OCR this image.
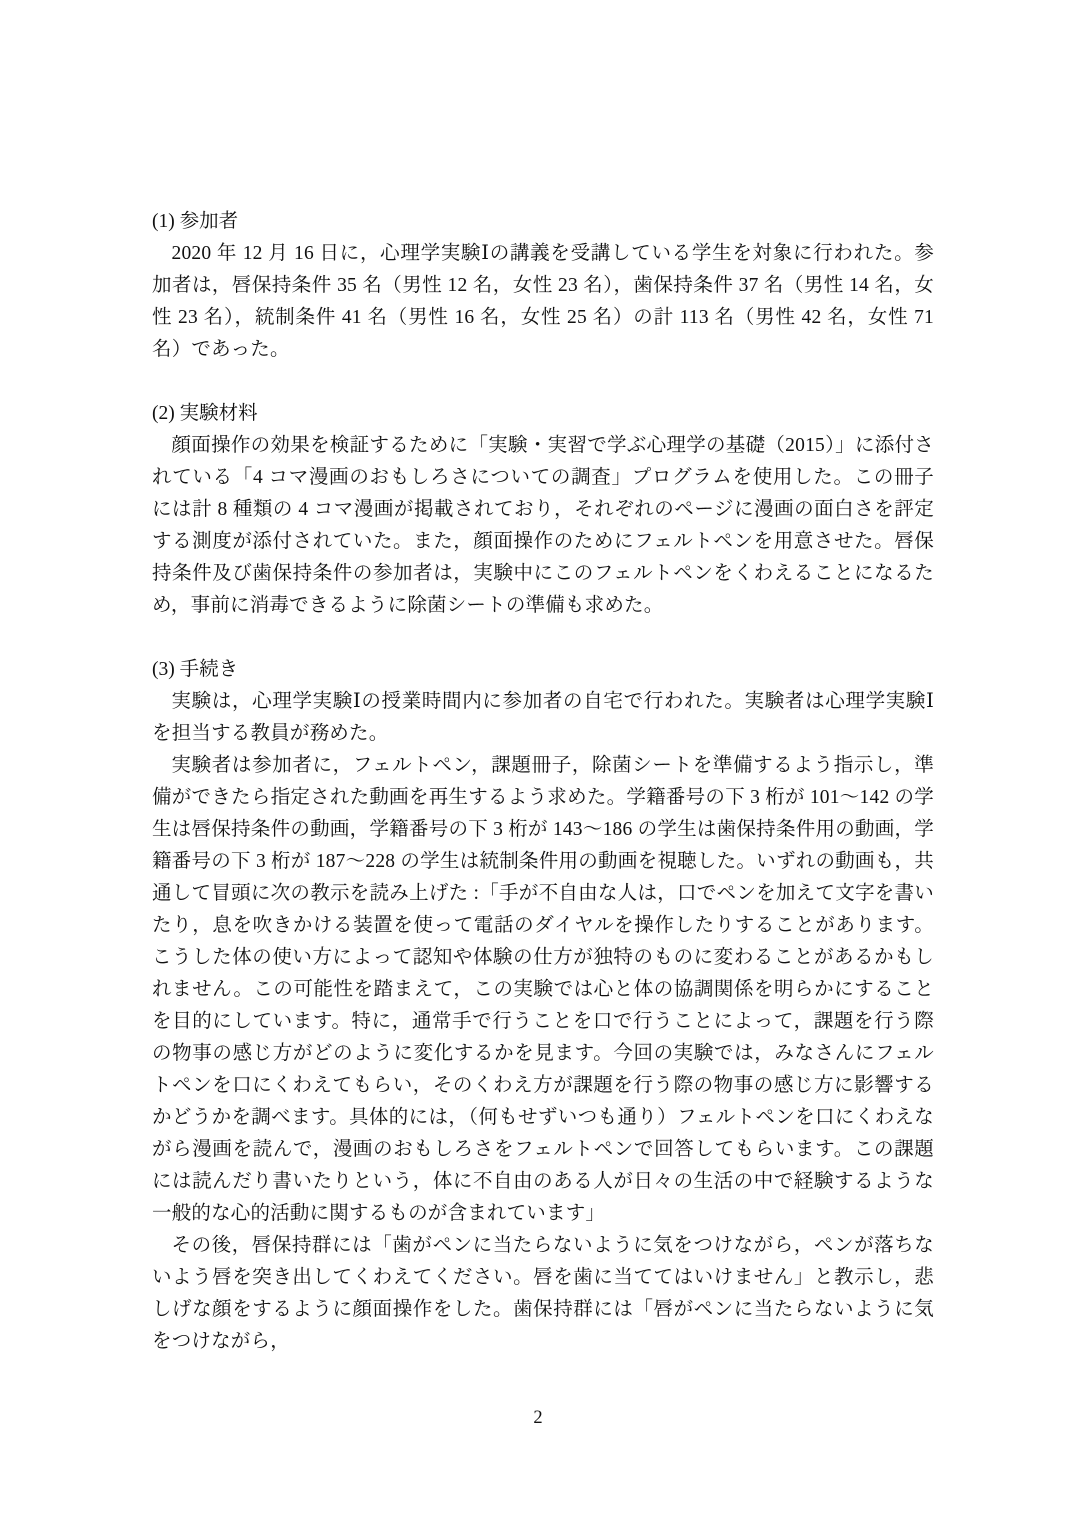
(1) 参加者

2020 年 12 月 16 日に，心理学実験Ⅰの講義を受講している学生を対象に行われた。参加者は，唇保持条件 35 名（男性 12 名，女性 23 名），歯保持条件 37 名（男性 14 名，女性 23 名），統制条件 41 名（男性 16 名，女性 25 名）の計 113 名（男性 42 名，女性 71 名）であった。

(2) 実験材料

顔面操作の効果を検証するために「実験・実習で学ぶ心理学の基礎（2015）」に添付されている「4 コマ漫画のおもしろさについての調査」プログラムを使用した。この冊子には計 8 種類の 4 コマ漫画が掲載されており，それぞれのページに漫画の面白さを評定する測度が添付されていた。また，顔面操作のためにフェルトペンを用意させた。唇保持条件及び歯保持条件の参加者は，実験中にこのフェルトペンをくわえることになるため，事前に消毒できるように除菌シートの準備も求めた。

(3) 手続き

実験は，心理学実験Ⅰの授業時間内に参加者の自宅で行われた。実験者は心理学実験Ⅰを担当する教員が務めた。

実験者は参加者に，フェルトペン，課題冊子，除菌シートを準備するよう指示し，準備ができたら指定された動画を再生するよう求めた。学籍番号の下 3 桁が 101〜142 の学生は唇保持条件の動画，学籍番号の下 3 桁が 143〜186 の学生は歯保持条件用の動画，学籍番号の下 3 桁が 187〜228 の学生は統制条件用の動画を視聴した。いずれの動画も，共通して冒頭に次の教示を読み上げた :「手が不自由な人は，口でペンを加えて文字を書いたり，息を吹きかける装置を使って電話のダイヤルを操作したりすることがあります。こうした体の使い方によって認知や体験の仕方が独特のものに変わることがあるかもしれません。この可能性を踏まえて，この実験では心と体の協調関係を明らかにすることを目的にしています。特に，通常手で行うことを口で行うことによって，課題を行う際の物事の感じ方がどのように変化するかを見ます。今回の実験では，みなさんにフェルトペンを口にくわえてもらい，そのくわえ方が課題を行う際の物事の感じ方に影響するかどうかを調べます。具体的には，（何もせずいつも通り）フェルトペンを口にくわえながら漫画を読んで，漫画のおもしろさをフェルトペンで回答してもらいます。この課題には読んだり書いたりという，体に不自由のある人が日々の生活の中で経験するような一般的な心的活動に関するものが含まれています」

その後，唇保持群には「歯がペンに当たらないように気をつけながら，ペンが落ちないよう唇を突き出してくわえてください。唇を歯に当ててはいけません」と教示し，悲しげな顔をするように顔面操作をした。歯保持群には「唇がペンに当たらないように気をつけながら，

2
